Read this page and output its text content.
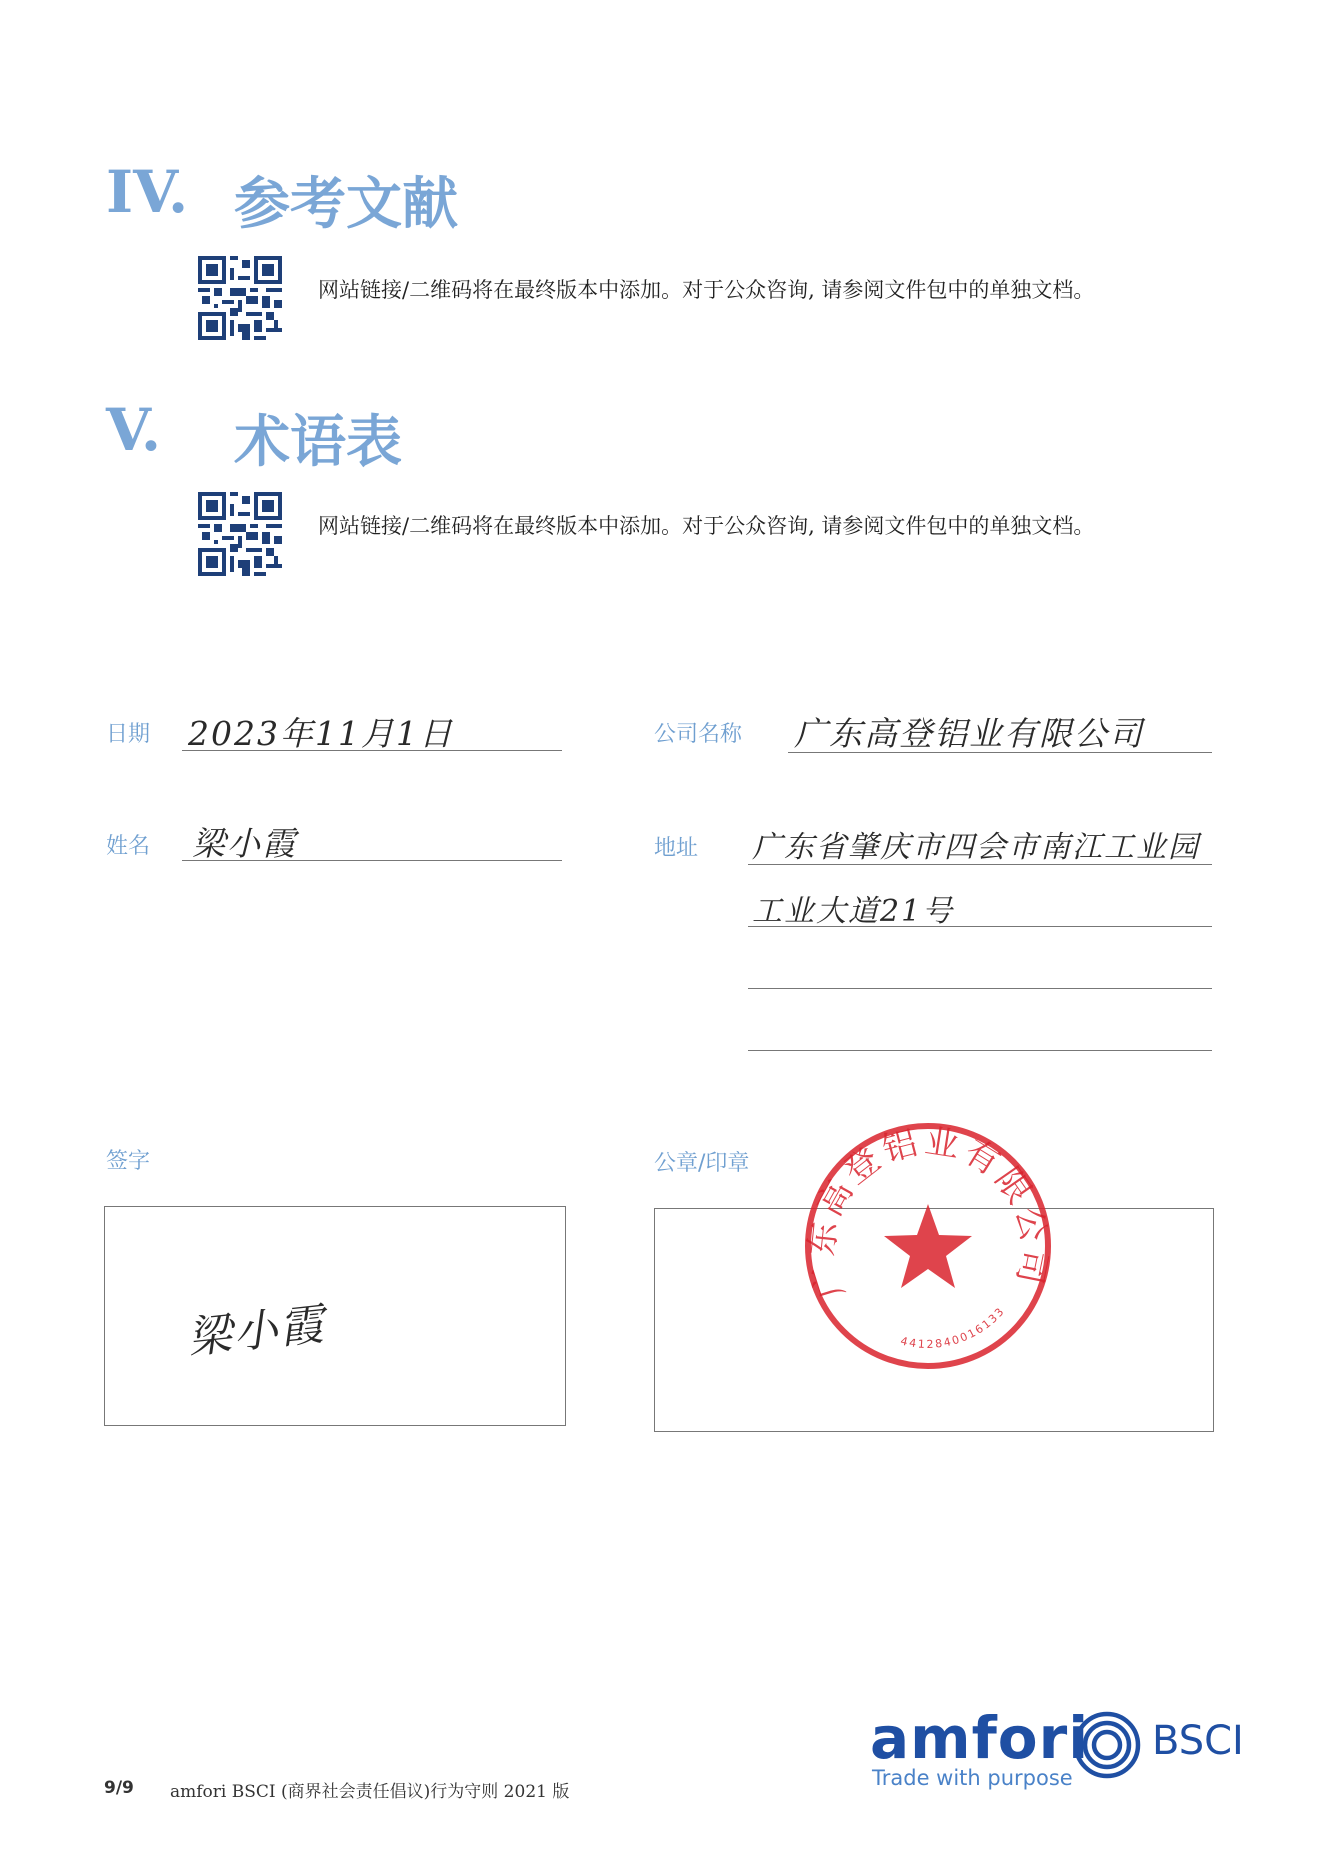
IV. 参考文献
网站链接/二维码将在最终版本中添加。对于公众咨询, 请参阅文件包中的单独文档。
V. 术语表
网站链接/二维码将在最终版本中添加。对于公众咨询, 请参阅文件包中的单独文档。
日期 2023年11月1日	公司名称 广东高登铝业有限公司
姓名 梁小霞	地址 广东省肇庆市四会市南江工业园
工业大道21号
签字
梁小霞
公章/印章
广东高登铝业有限公司
4412840016133
9/9 amfori BSCI (商界社会责任倡议)行为守则 2021 版
amfori BSCI
Trade with purpose
